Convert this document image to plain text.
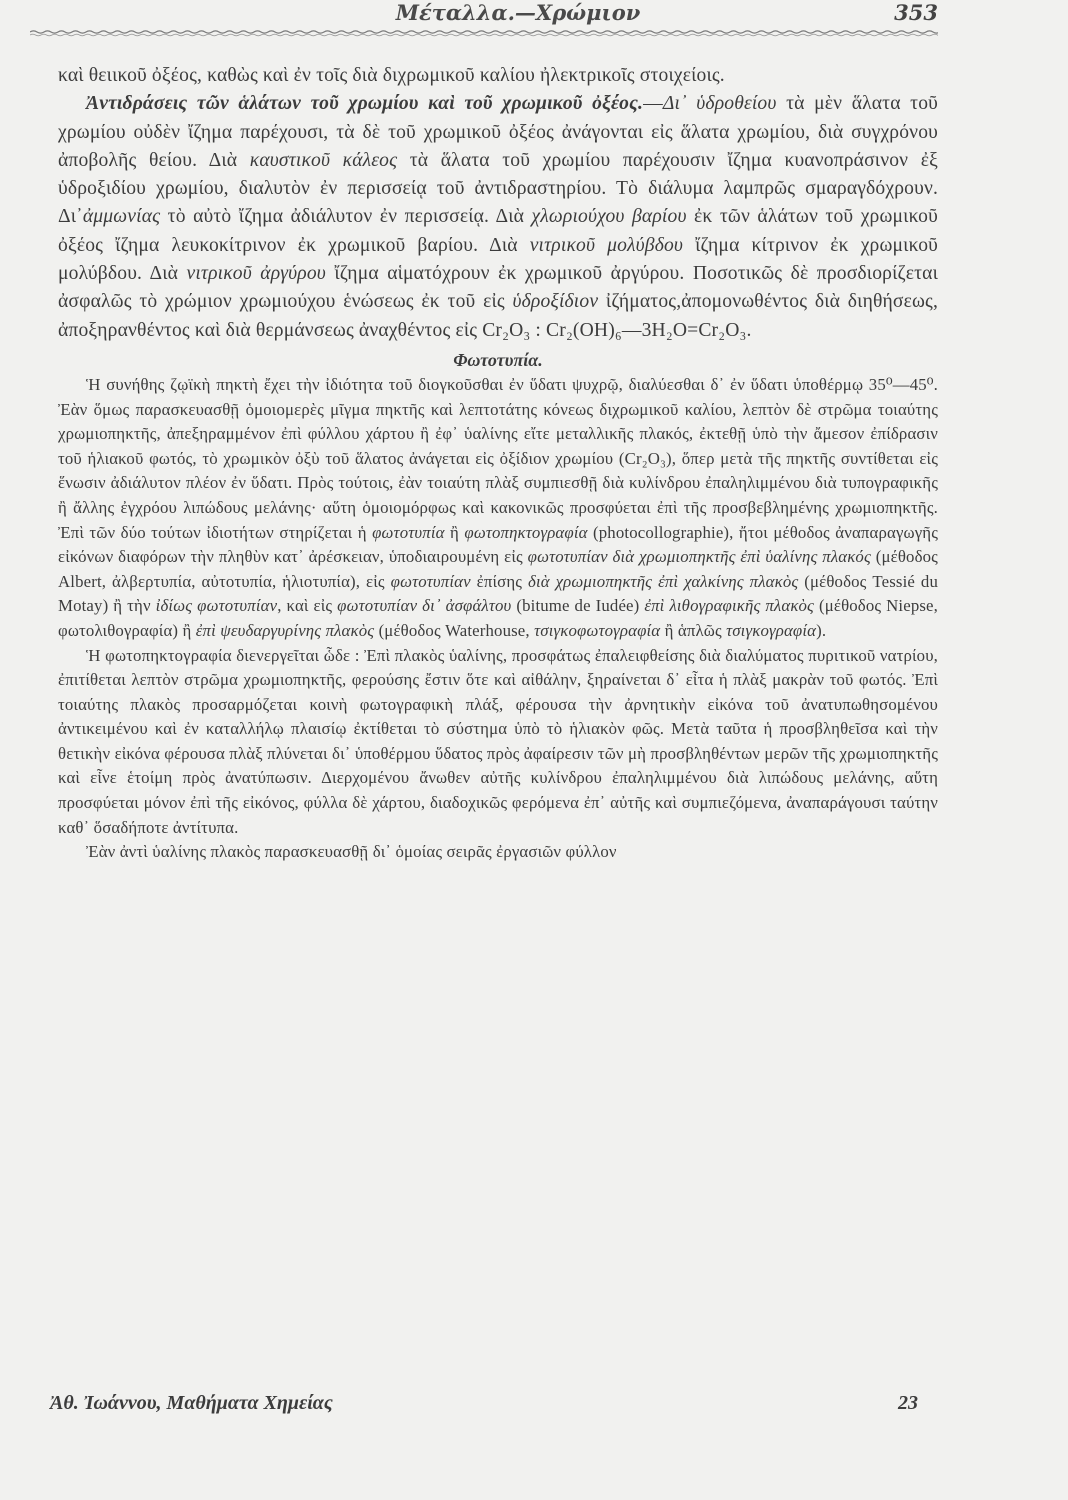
Μέταλλα.—Χρώμιον	353

καὶ θειικοῦ ὀξέος, καθὼς καὶ ἐν τοῖς διὰ διχρωμικοῦ καλίου ἠλεκτρικοῖς στοιχείοις.

Ἀντιδράσεις τῶν ἁλάτων τοῦ χρωμίου καὶ τοῦ χρωμικοῦ ὀξέος.—Δι᾽ ὑδροθείου τὰ μὲν ἅλατα τοῦ χρωμίου οὐδὲν ἴζημα παρέχουσι, τὰ δὲ τοῦ χρωμικοῦ ὀξέος ἀνάγονται εἰς ἅλατα χρωμίου, διὰ συγχρόνου ἀποβολῆς θείου. Διὰ καυστικοῦ κάλεος τὰ ἅλατα τοῦ χρωμίου παρέχουσιν ἴζημα κυανοπράσινον ἐξ ὑδροξιδίου χρωμίου, διαλυτὸν ἐν περισσείᾳ τοῦ ἀντιδραστηρίου. Τὸ διάλυμα λαμπρῶς σμαραγδόχρουν. Δι᾽ἀμμωνίας τὸ αὐτὸ ἴζημα ἀδιάλυτον ἐν περισσείᾳ. Διὰ χλωριούχου βαρίου ἐκ τῶν ἁλάτων τοῦ χρωμικοῦ ὀξέος ἴζημα λευκοκίτρινον ἐκ χρωμικοῦ βαρίου. Διὰ νιτρικοῦ μολύβδου ἴζημα κίτρινον ἐκ χρωμικοῦ μολύβδου. Διὰ νιτρικοῦ ἀργύρου ἴζημα αἱματόχρουν ἐκ χρωμικοῦ ἀργύρου. Ποσοτικῶς δὲ προσδιορίζεται ἀσφαλῶς τὸ χρώμιον χρωμιούχου ἑνώσεως ἐκ τοῦ εἰς ὑδροξίδιον ἰζήματος,ἀπομονωθέντος διὰ διηθήσεως, ἀποξηρανθέντος καὶ διὰ θερμάνσεως ἀναχθέντος εἰς Cr₂O₃ : Cr₂(OH)₆—3H₂O=Cr₂O₃.

Φωτοτυπία.

Ἡ συνήθης ζῳϊκὴ πηκτὴ ἔχει τὴν ἰδιότητα τοῦ διογκοῦσθαι ἐν ὕδατι ψυχρῷ, διαλύεσθαι δ᾽ ἐν ὕδατι ὑποθέρμῳ 35⁰—45⁰. Ἐὰν ὅμως παρασκευασθῇ ὁμοιομερὲς μῖγμα πηκτῆς καὶ λεπτοτάτης κόνεως διχρωμικοῦ καλίου, λεπτὸν δὲ στρῶμα τοιαύτης χρωμιοπηκτῆς, ἀπεξηραμμένον ἐπὶ φύλλου χάρτου ἢ ἐφ᾽ ὑαλίνης εἴτε μεταλλικῆς πλακός, ἐκτεθῇ ὑπὸ τὴν ἄμεσον ἐπίδρασιν τοῦ ἡλιακοῦ φωτός, τὸ χρωμικὸν ὀξὺ τοῦ ἅλατος ἀνάγεται εἰς ὀξίδιον χρωμίου (Cr₂O₃), ὅπερ μετὰ τῆς πηκτῆς συντίθεται εἰς ἕνωσιν ἀδιάλυτον πλέον ἐν ὕδατι. Πρὸς τούτοις, ἐὰν τοιαύτη πλὰξ συμπιεσθῇ διὰ κυλίνδρου ἐπαληλιμμένου διὰ τυπογραφικῆς ἢ ἄλλης ἐγχρόου λιπώδους μελάνης· αὕτη ὁμοιομόρφως καὶ κακονικῶς προσφύεται ἐπὶ τῆς προσβεβλημένης χρωμιοπηκτῆς. Ἐπὶ τῶν δύο τούτων ἰδιοτήτων στηρίζεται ἡ φωτοτυπία ἢ φωτοπηκτογραφία (photocollographie), ἤτοι μέθοδος ἀναπαραγωγῆς εἰκόνων διαφόρων τὴν πληθὺν κατ᾽ ἀρέσκειαν, ὑποδιαιρουμένη εἰς φωτοτυπίαν διὰ χρωμιοπηκτῆς ἐπὶ ὑαλίνης πλακός (μέθοδος Albert, ἀλβερτυπία, αὐτοτυπία, ἡλιοτυπία), εἰς φωτοτυπίαν ἐπίσης διὰ χρωμιοπηκτῆς ἐπὶ χαλκίνης πλακὸς (μέθοδος Tessié du Motay) ἢ τὴν ἰδίως φωτοτυπίαν, καὶ εἰς φωτοτυπίαν δι᾽ ἀσφάλτου (bitume de Iudée) ἐπὶ λιθογραφικῆς πλακὸς (μέθοδος Niepse, φωτολιθογραφία) ἢ ἐπὶ ψευδαργυρίνης πλακὸς (μέθοδος Waterhouse, τσιγκοφωτογραφία ἢ ἁπλῶς τσιγκογραφία).

Ἡ φωτοπηκτογραφία διενεργεῖται ὧδε : Ἐπὶ πλακὸς ὑαλίνης, προσφάτως ἐπαλειφθείσης διὰ διαλύματος πυριτικοῦ νατρίου, ἐπιτίθεται λεπτὸν στρῶμα χρωμιοπηκτῆς, φερούσης ἔστιν ὅτε καὶ αἰθάλην, ξηραίνεται δ᾽ εἶτα ἡ πλὰξ μακρὰν τοῦ φωτός. Ἐπὶ τοιαύτης πλακὸς προσαρμόζεται κοινὴ φωτογραφικὴ πλάξ, φέρουσα τὴν ἀρνητικὴν εἰκόνα τοῦ ἀνατυπωθησομένου ἀντικειμένου καὶ ἐν καταλλήλῳ πλαισίῳ ἐκτίθεται τὸ σύστημα ὑπὸ τὸ ἡλιακὸν φῶς. Μετὰ ταῦτα ἡ προσβληθεῖσα καὶ τὴν θετικὴν εἰκόνα φέρουσα πλὰξ πλύνεται δι᾽ ὑποθέρμου ὕδατος πρὸς ἀφαίρεσιν τῶν μὴ προσβληθέντων μερῶν τῆς χρωμιοπηκτῆς καὶ εἶνε ἑτοίμη πρὸς ἀνατύπωσιν. Διερχομένου ἄνωθεν αὐτῆς κυλίνδρου ἐπαληλιμμένου διὰ λιπώδους μελάνης, αὕτη προσφύεται μόνον ἐπὶ τῆς εἰκόνος, φύλλα δὲ χάρτου, διαδοχικῶς φερόμενα ἐπ᾽ αὐτῆς καὶ συμπιεζόμενα, ἀναπαράγουσι ταύτην καθ᾽ ὅσαδήποτε ἀντίτυπα.

Ἐὰν ἀντὶ ὑαλίνης πλακὸς παρασκευασθῇ δι᾽ ὁμοίας σειρᾶς ἐργασιῶν φύλλον

Ἀθ. Ἰωάννου, Μαθήματα Χημείας	23
